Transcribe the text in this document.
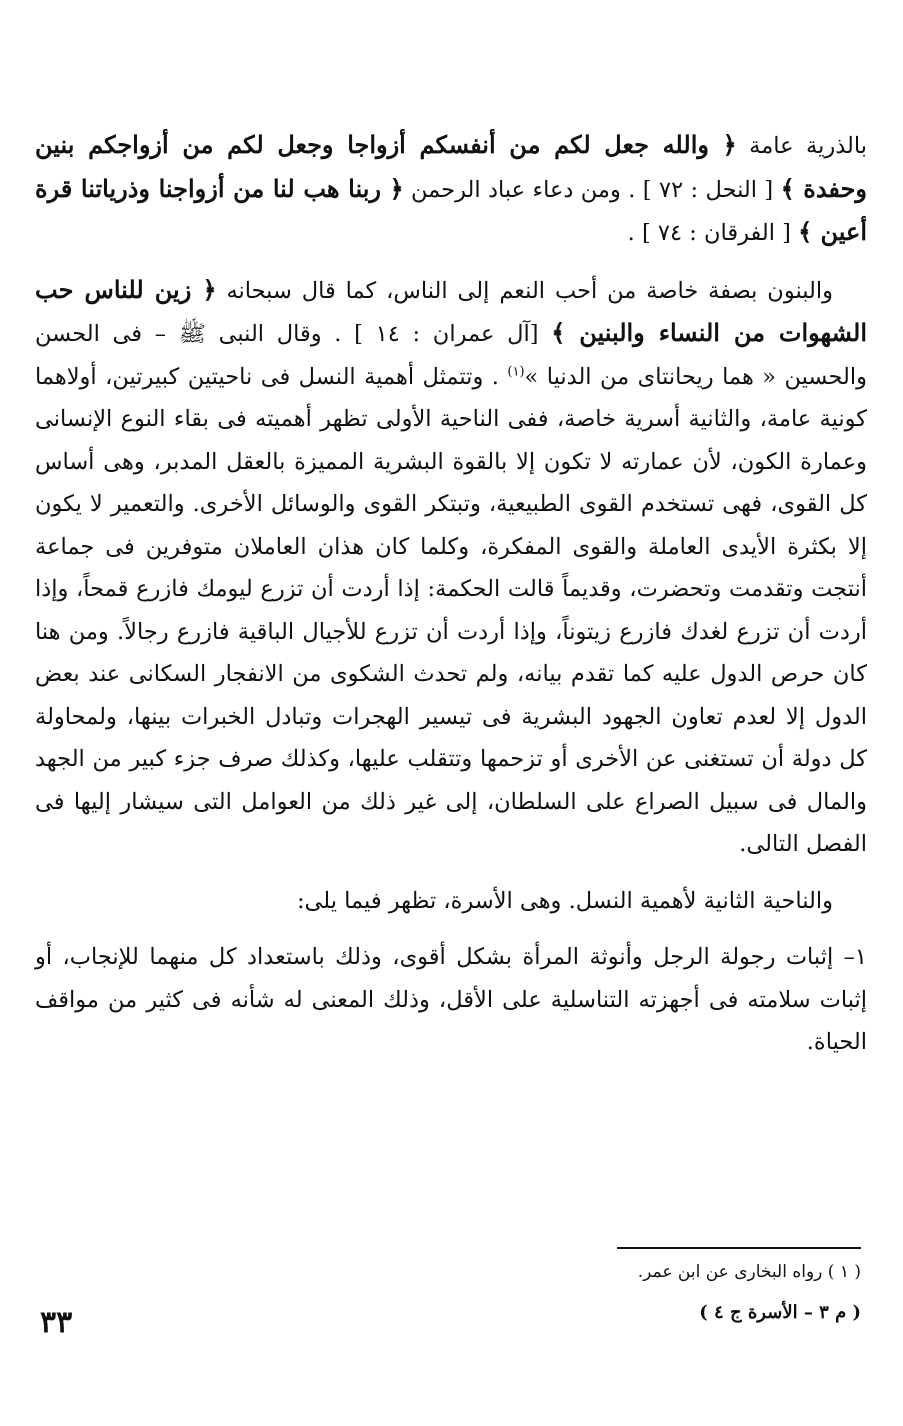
بالذرية عامة ﴿ والله جعل لكم من أنفسكم أزواجا وجعل لكم من أزواجكم بنين وحفدة ﴾ [ النحل : ٧٢ ] . ومن دعاء عباد الرحمن ﴿ ربنا هب لنا من أزواجنا وذرياتنا قرة أعين ﴾ [ الفرقان : ٧٤ ] .

والبنون بصفة خاصة من أحب النعم إلى الناس، كما قال سبحانه ﴿ زين للناس حب الشهوات من النساء والبنين ﴾ [آل عمران : ١٤ ] . وقال النبى ﷺ – فى الحسن والحسين « هما ريحانتاى من الدنيا »$^{(١)}$ . وتتمثل أهمية النسل فى ناحيتين كبيرتين، أولاهما كونية عامة، والثانية أسرية خاصة، ففى الناحية الأولى تظهر أهميته فى بقاء النوع الإنسانى وعمارة الكون، لأن عمارته لا تكون إلا بالقوة البشرية المميزة بالعقل المدبر، وهى أساس كل القوى، فهى تستخدم القوى الطبيعية، وتبتكر القوى والوسائل الأخرى. والتعمير لا يكون إلا بكثرة الأيدى العاملة والقوى المفكرة، وكلما كان هذان العاملان متوفرين فى جماعة أنتجت وتقدمت وتحضرت، وقديماً قالت الحكمة: إذا أردت أن تزرع ليومك فازرع قمحاً، وإذا أردت أن تزرع لغدك فازرع زيتوناً، وإذا أردت أن تزرع للأجيال الباقية فازرع رجالاً. ومن هنا كان حرص الدول عليه كما تقدم بيانه، ولم تحدث الشكوى من الانفجار السكانى عند بعض الدول إلا لعدم تعاون الجهود البشرية فى تيسير الهجرات وتبادل الخبرات بينها، ولمحاولة كل دولة أن تستغنى عن الأخرى أو تزحمها وتتقلب عليها، وكذلك صرف جزء كبير من الجهد والمال فى سبيل الصراع على السلطان، إلى غير ذلك من العوامل التى سيشار إليها فى الفصل التالى.

والناحية الثانية لأهمية النسل. وهى الأسرة، تظهر فيما يلى:

١– إثبات رجولة الرجل وأنوثة المرأة بشكل أقوى، وذلك باستعداد كل منهما للإنجاب، أو إثبات سلامته فى أجهزته التناسلية على الأقل، وذلك المعنى له شأنه فى كثير من مواقف الحياة.

( ١ ) رواه البخارى عن ابن عمر.
( م ٣ – الأسرة ج ٤ )
٣٣
